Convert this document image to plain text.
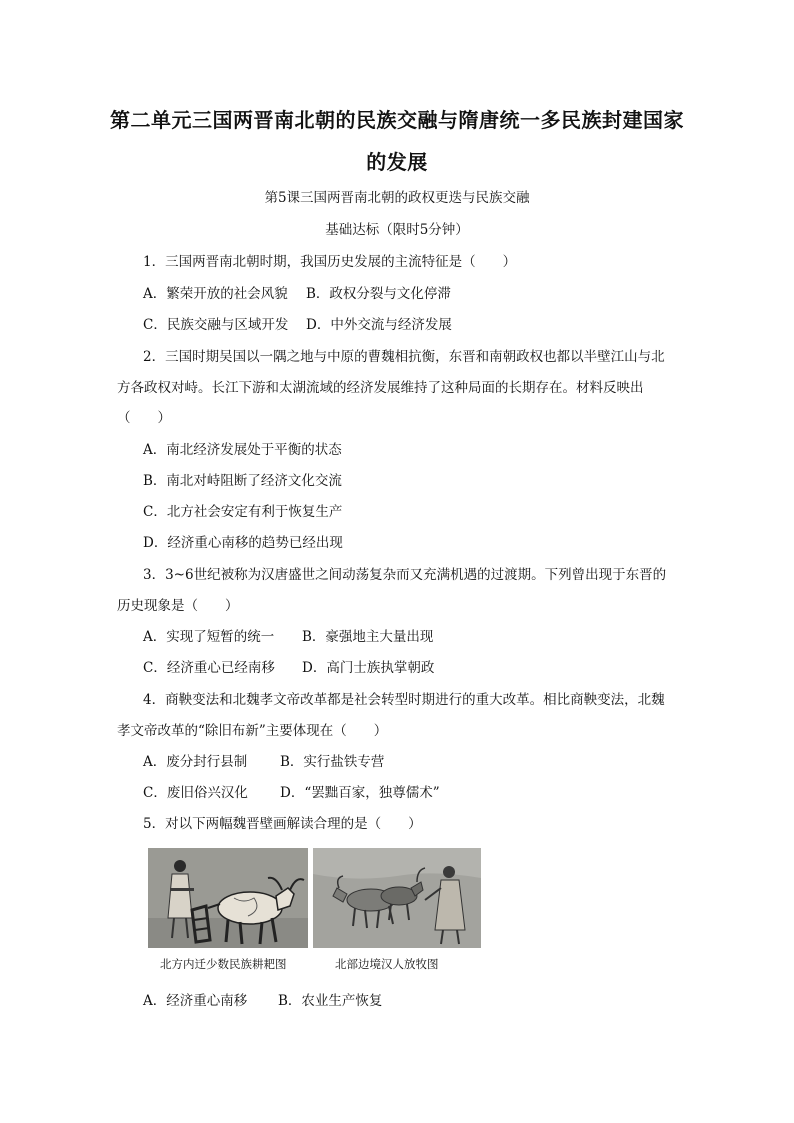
第二单元三国两晋南北朝的民族交融与隋唐统一多民族封建国家
的发展
第5课三国两晋南北朝的政权更迭与民族交融
基础达标（限时5分钟）
1．三国两晋南北朝时期，我国历史发展的主流特征是（　　）
A．繁荣开放的社会风貌 B．政权分裂与文化停滞
C．民族交融与区域开发 D．中外交流与经济发展
2．三国时期吴国以一隅之地与中原的曹魏相抗衡，东晋和南朝政权也都以半壁江山与北
方各政权对峙。长江下游和太湖流域的经济发展维持了这种局面的长期存在。材料反映出
（　　）
A．南北经济发展处于平衡的状态
B．南北对峙阻断了经济文化交流
C．北方社会安定有利于恢复生产
D．经济重心南移的趋势已经出现
3．3~6世纪被称为汉唐盛世之间动荡复杂而又充满机遇的过渡期。下列曾出现于东晋的
历史现象是（　　）
A．实现了短暂的统一 B．豪强地主大量出现
C．经济重心已经南移 D．高门士族执掌朝政
4．商鞅变法和北魏孝文帝改革都是社会转型时期进行的重大改革。相比商鞅变法，北魏
孝文帝改革的“除旧布新”主要体现在（　　）
A．废分封行县制 B．实行盐铁专营
C．废旧俗兴汉化 D．“罢黜百家，独尊儒术”
5．对以下两幅魏晋壁画解读合理的是（　　）
北方内迁少数民族耕耙图	北部边境汉人放牧图
A．经济重心南移 B．农业生产恢复
